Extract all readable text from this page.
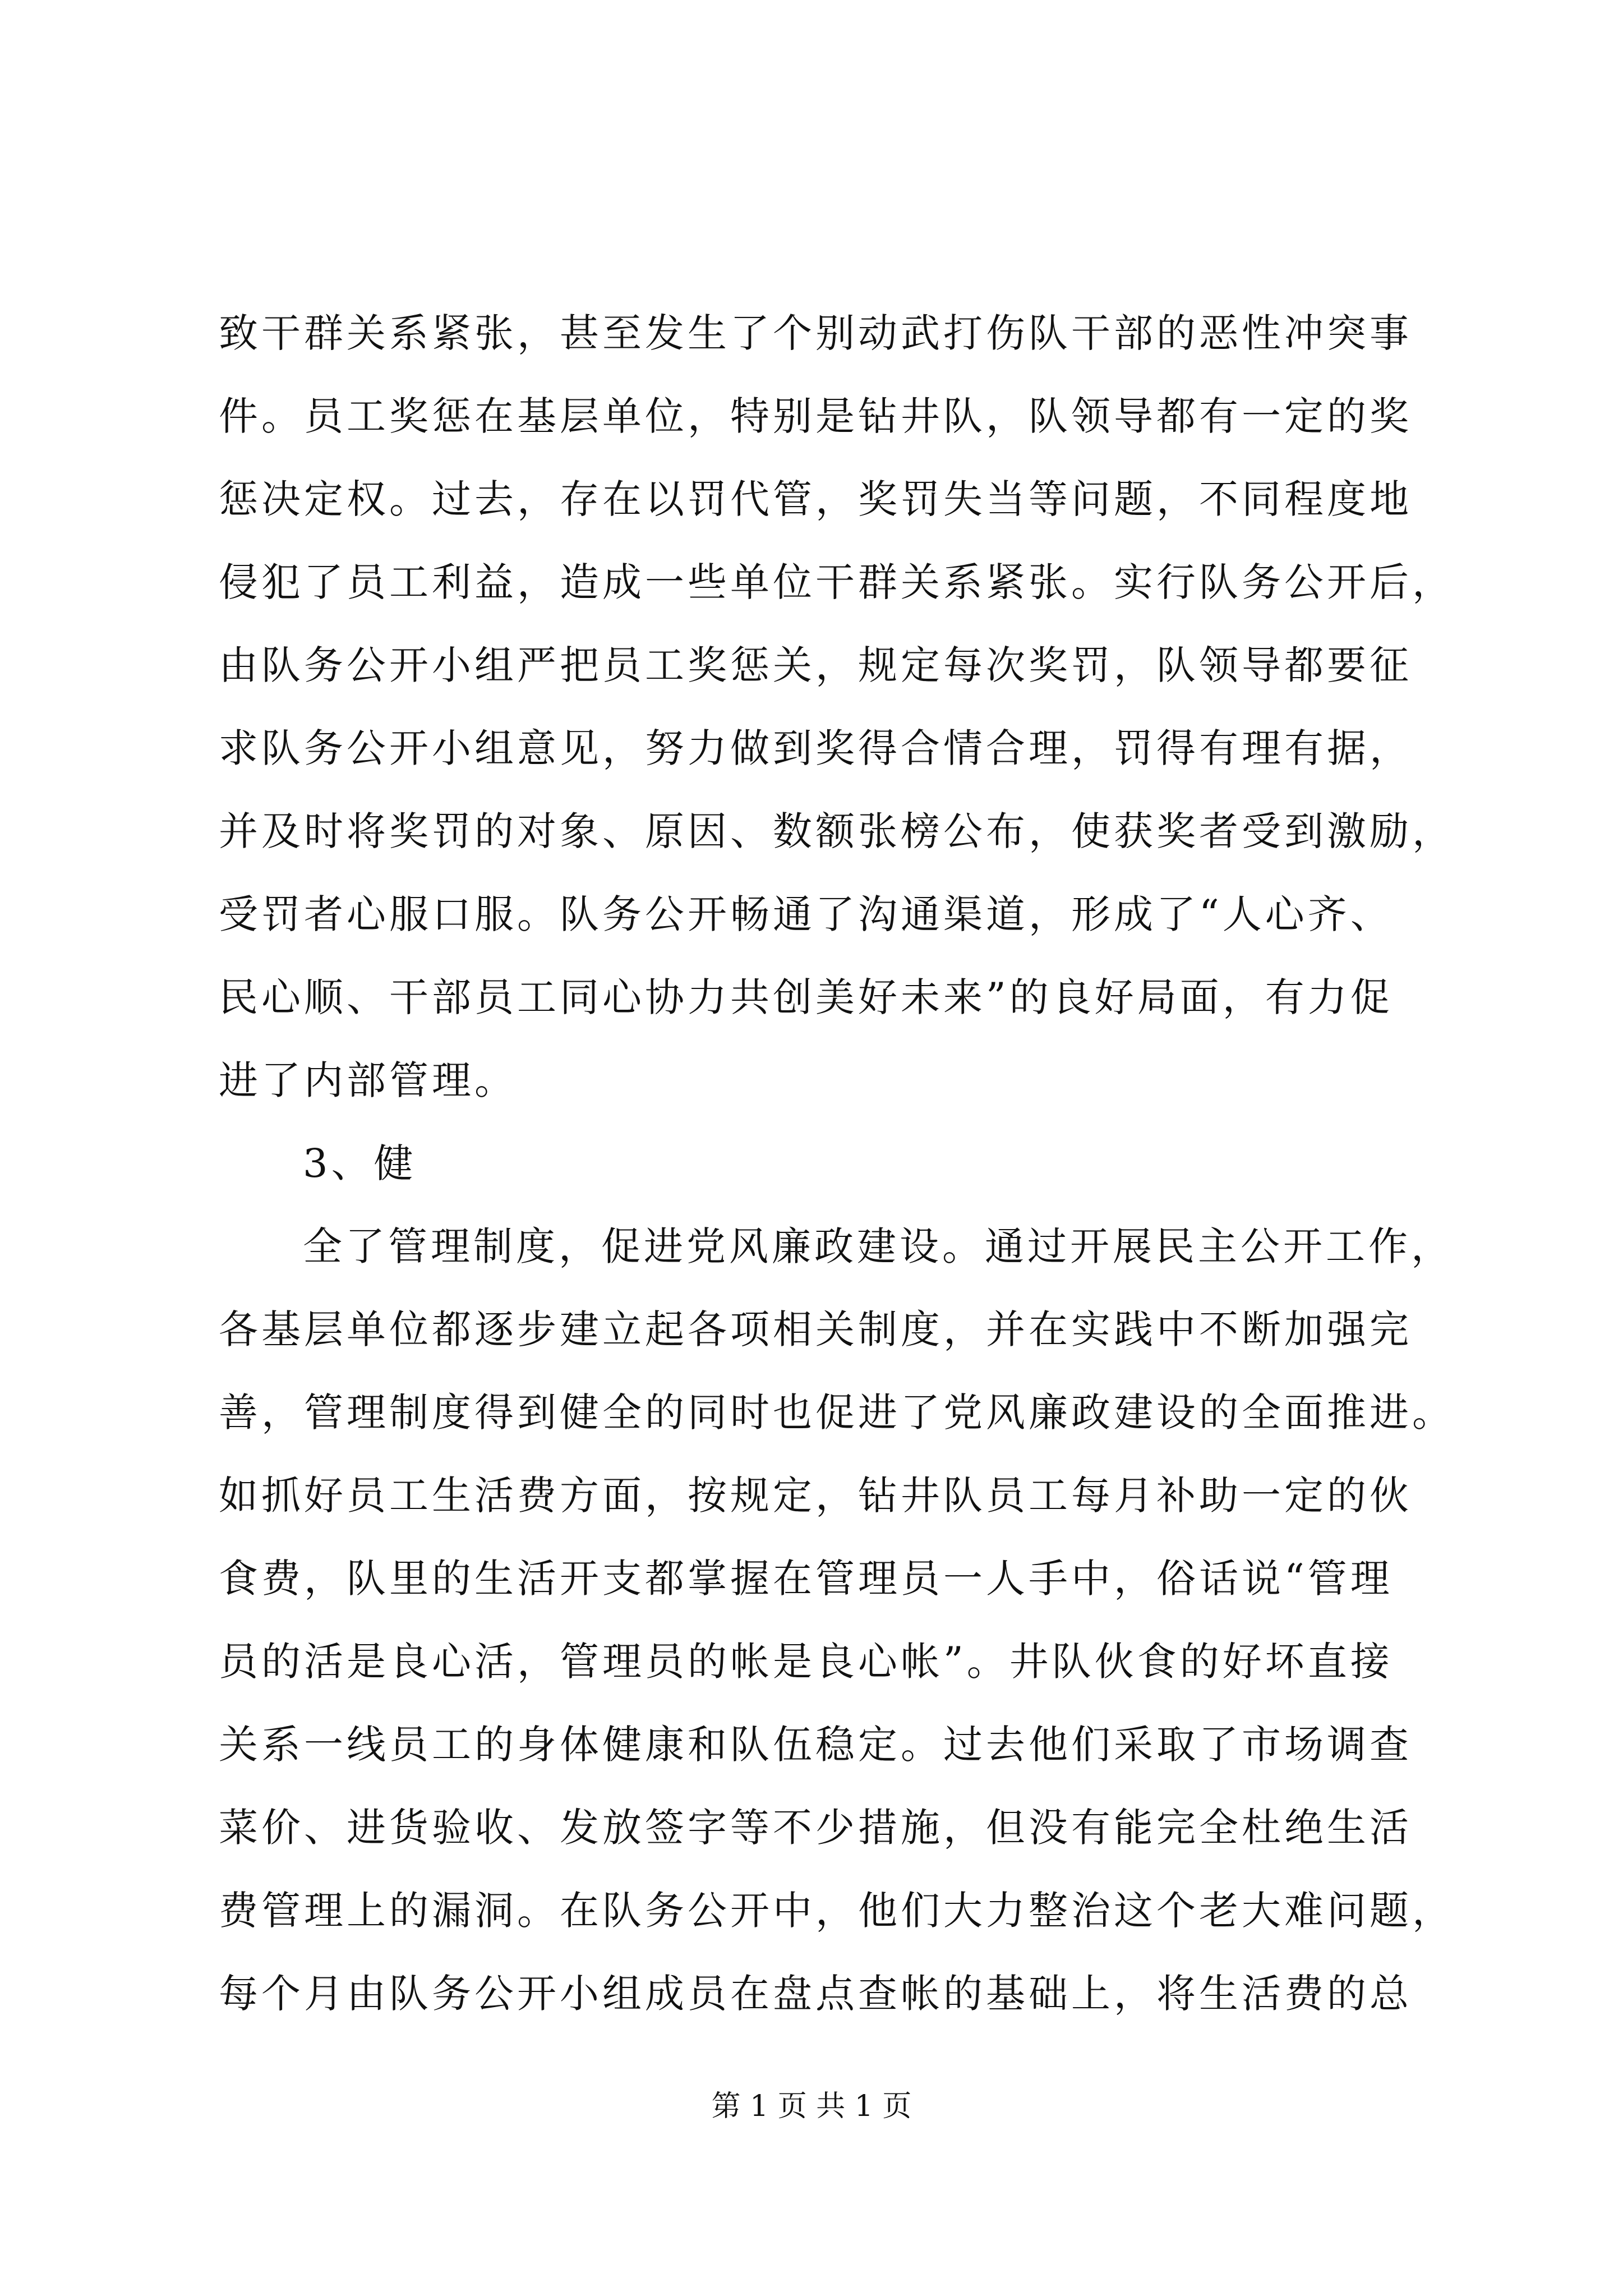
致干群关系紧张，甚至发生了个别动武打伤队干部的恶性冲突事
件。员工奖惩在基层单位，特别是钻井队，队领导都有一定的奖
惩决定权。过去，存在以罚代管，奖罚失当等问题，不同程度地
侵犯了员工利益，造成一些单位干群关系紧张。实行队务公开后，
由队务公开小组严把员工奖惩关，规定每次奖罚，队领导都要征
求队务公开小组意见，努力做到奖得合情合理，罚得有理有据，
并及时将奖罚的对象、原因、数额张榜公布，使获奖者受到激励，
受罚者心服口服。队务公开畅通了沟通渠道，形成了“人心齐、
民心顺、干部员工同心协力共创美好未来”的良好局面，有力促
进了内部管理。
3、健
全了管理制度，促进党风廉政建设。通过开展民主公开工作，
各基层单位都逐步建立起各项相关制度，并在实践中不断加强完
善，管理制度得到健全的同时也促进了党风廉政建设的全面推进。
如抓好员工生活费方面，按规定，钻井队员工每月补助一定的伙
食费，队里的生活开支都掌握在管理员一人手中，俗话说“管理
员的活是良心活，管理员的帐是良心帐”。井队伙食的好坏直接
关系一线员工的身体健康和队伍稳定。过去他们采取了市场调查
菜价、进货验收、发放签字等不少措施，但没有能完全杜绝生活
费管理上的漏洞。在队务公开中，他们大力整治这个老大难问题，
每个月由队务公开小组成员在盘点查帐的基础上，将生活费的总
第 1 页 共 1 页
